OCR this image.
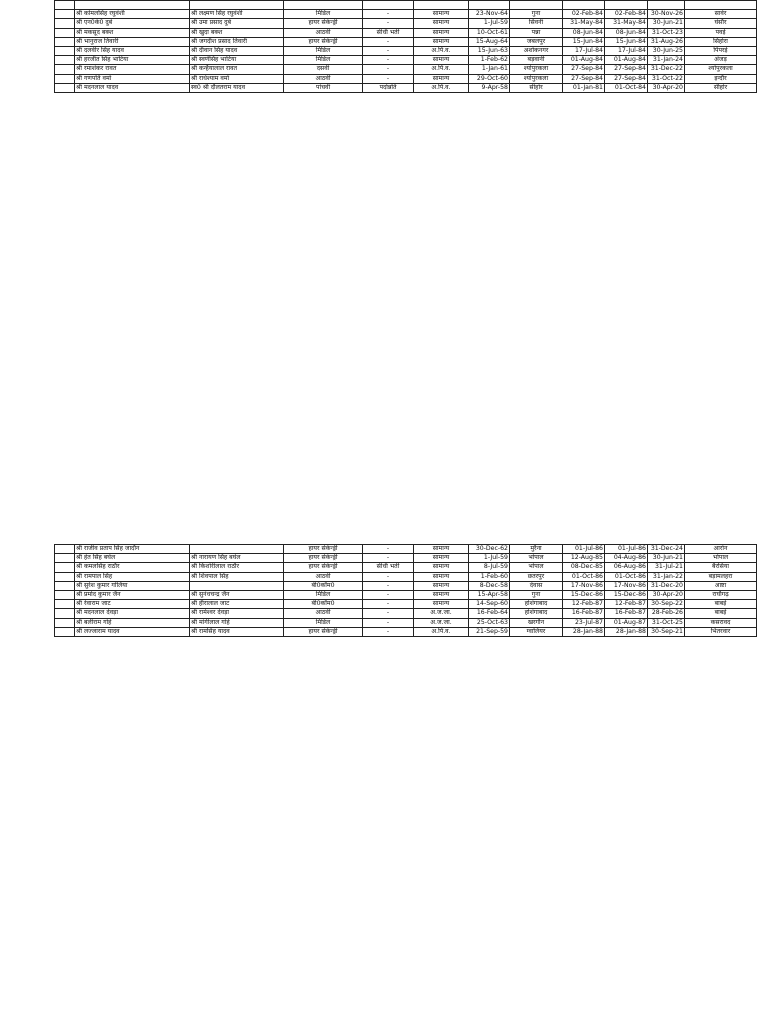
	श्री कोमलसिंह रघुवंशी	श्री लक्ष्मण सिंह रघुवंशी	मिडिल	-	सामान्य	23-Nov-64	गुना	02-Feb-84	02-Feb-84	30-Nov-26	सावेर
	श्री एन0के0 दुबे	श्री उमा प्रसाद दुबे	हायर सेकेन्ड्री	-	सामान्य	1-Jul-59	सिवनी	31-May-84	31-May-84	30-Jun-21	घंसौर
	श्री मकसूद बक्श	श्री खुदा बक्श	आठवी	सीधी भर्ती	सामान्य	10-Oct-61	पन्ना	08-Jun-84	08-Jun-84	31-Oct-23	पवई
	श्री भानुराज तिवारी	श्री जगदीश प्रसाद तिवारी	हायर सेकेन्ड्री	-	सामान्य	15-Aug-64	जबलपुर	15-Jun-84	15-Jun-84	31-Aug-26	सिहोरा
	श्री दलवीर सिंह यादव	श्री दीवान सिंह यादव	मिडिल	-	अ.पि.व.	15-Jun-63	अशोकनगर	17-Jul-84	17-Jul-84	30-Jun-25	पिपरई
	श्री हरजीत सिंह भाटिया	श्री स्वर्णसिंह भाटिया	मिडिल	-	सामान्य	1-Feb-62	बड़वानी	01-Aug-84	01-Aug-84	31-Jan-24	अंजड़
	श्री रमाशंकर रावत	श्री कन्हैयालाल रावत	दसवी	-	अ.पि.व.	1-Jan-61	श्योपुरकला	27-Sep-84	27-Sep-84	31-Dec-22	श्योपुरकला
	श्री गणपति वर्मा	श्री राधेश्याम वर्मा	आठवी	-	सामान्य	29-Oct-60	श्योपुरकला	27-Sep-84	27-Sep-84	31-Oct-22	इन्दौर
	श्री मदनलाल यादव	स्व0 श्री दौलतराम यादव	पांचवी	पदोन्नति	अ.पि.व.	9-Apr-58	सीहोर	01-Jan-81	01-Oct-84	30-Apr-20	सीहोर
	श्री राजीव प्रताप सिंह जादौन		हायर सेकेन्ड्री	-	सामान्य	30-Dec-62	मुरैना	01-Jul-86	01-Jul-86	31-Dec-24	आरोन
	श्री हेत सिंह बघेल	श्री नारायण सिंह बघेल	हायर सेकेन्ड्री	-	सामान्य	1-Jul-59	भोपाल	12-Aug-85	04-Aug-86	30-Jun-21	भोपाल
	श्री कमलसिंह राठौर	श्री किशोरीलाल राठौर	हायर सेकेन्ड्री	सीधी भर्ती	सामान्य	8-Jul-59	भोपाल	08-Dec-85	06-Aug-86	31-Jul-21	बैरसिया
	श्री रामपाल सिंह	श्री शिवपाल सिंह	आठवी	-	सामान्य	1-Feb-60	छतरपुर	01-Oct-86	01-Oct-86	31-Jan-22	बड़ामलहरा
	श्री सुरेश कुमार गोलिया		बी0कॉम0	-	सामान्य	8-Dec-58	देवास	17-Nov-86	17-Nov-86	31-Dec-20	आष्टा
	श्री प्रमोद कुमार जैन	श्री सुनंधचन्द्र जैन	मिडिल	-	सामान्य	15-Apr-58	गुना	15-Dec-86	15-Dec-86	30-Apr-20	राघौगढ़
	श्री रेवाराम जाट	श्री हीरालाल जाट	बी0कॉम0	-	सामान्य	14-Sep-60	होशंगाबाद	12-Feb-87	12-Feb-87	30-Sep-22	बाबई
	श्री मदनलाल देवड़ा	श्री रामेश्वर देवड़ा	आठवी	-	अ.ज.जा.	16-Feb-64	होशंगाबाद	16-Feb-87	16-Feb-87	28-Feb-26	बाबई
	श्री बलीराम गोहे	श्री मांगीलाल गोहे	मिडिल	-	अ.ज.जा.	25-Oct-63	खरगौन	23-Jul-87	01-Aug-87	31-Oct-25	कसरावद
	श्री लज्जाराम यादव	श्री रामसिंह यादव	हायर सेकेन्ड्री	-	अ.पि.व.	21-Sep-59	ग्वालियर	28-Jan-88	28-Jan-88	30-Sep-21	भितरवार
